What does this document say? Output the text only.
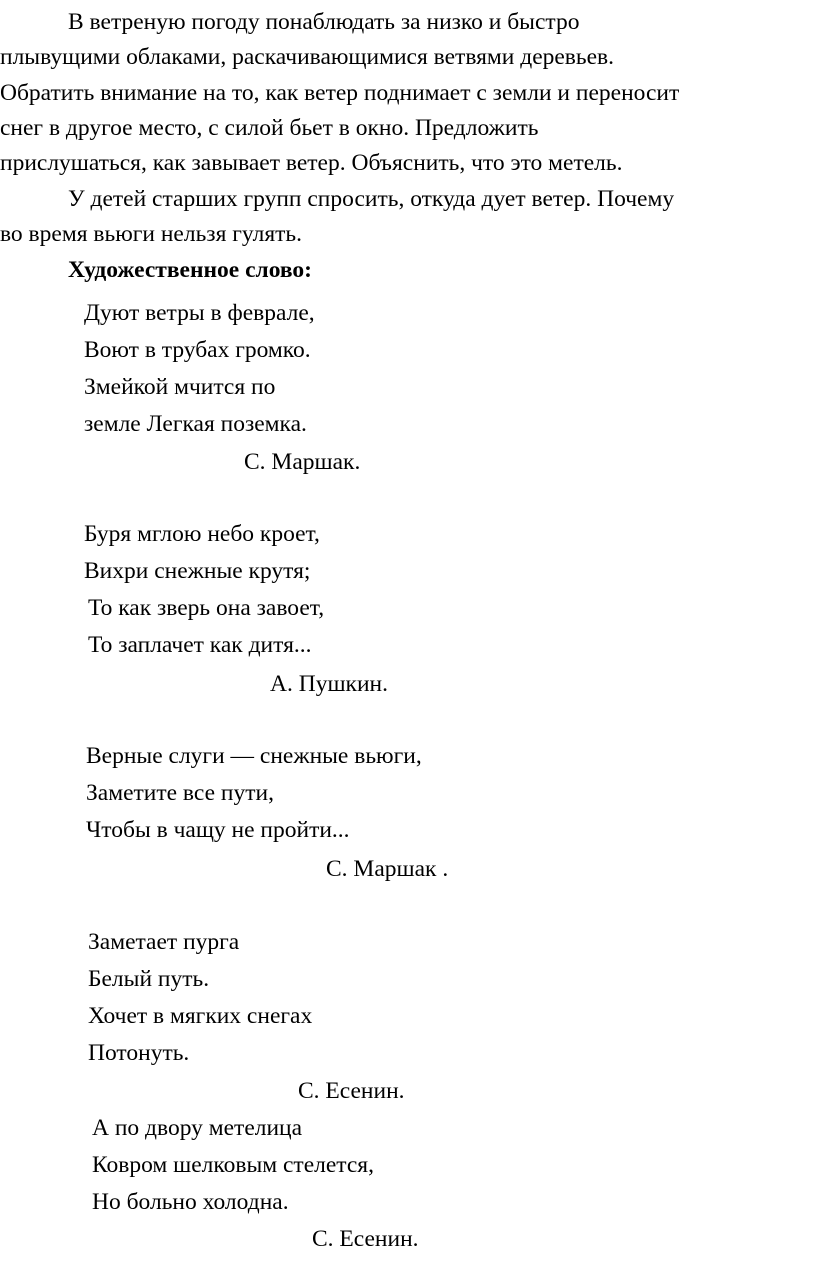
В ветреную погоду понаблюдать за низко и быстро
плывущими облаками, раскачивающимися ветвями деревьев.
Обратить внимание на то, как ветер поднимает с земли и переносит
снег в другое место, с силой бьет в окно. Предложить
прислушаться, как завывает ветер. Объяснить, что это метель.
У детей старших групп спросить, откуда дует ветер. Почему
во время вьюги нельзя гулять.
Художественное слово:
Дуют ветры в феврале,
Воют в трубах громко.
Змейкой мчится по
земле Легкая поземка.
С. Маршак.
Буря мглою небо кроет,
Вихри снежные крутя;
То как зверь она завоет,
То заплачет как дитя...
А. Пушкин.
Верные слуги — снежные вьюги,
Заметите все пути,
Чтобы в чащу не пройти...
С. Маршак .
Заметает пурга
Белый путь.
Хочет в мягких снегах
Потонуть.
С. Есенин.
А по двору метелица
Ковром шелковым стелется,
Но больно холодна.
С. Есенин.
